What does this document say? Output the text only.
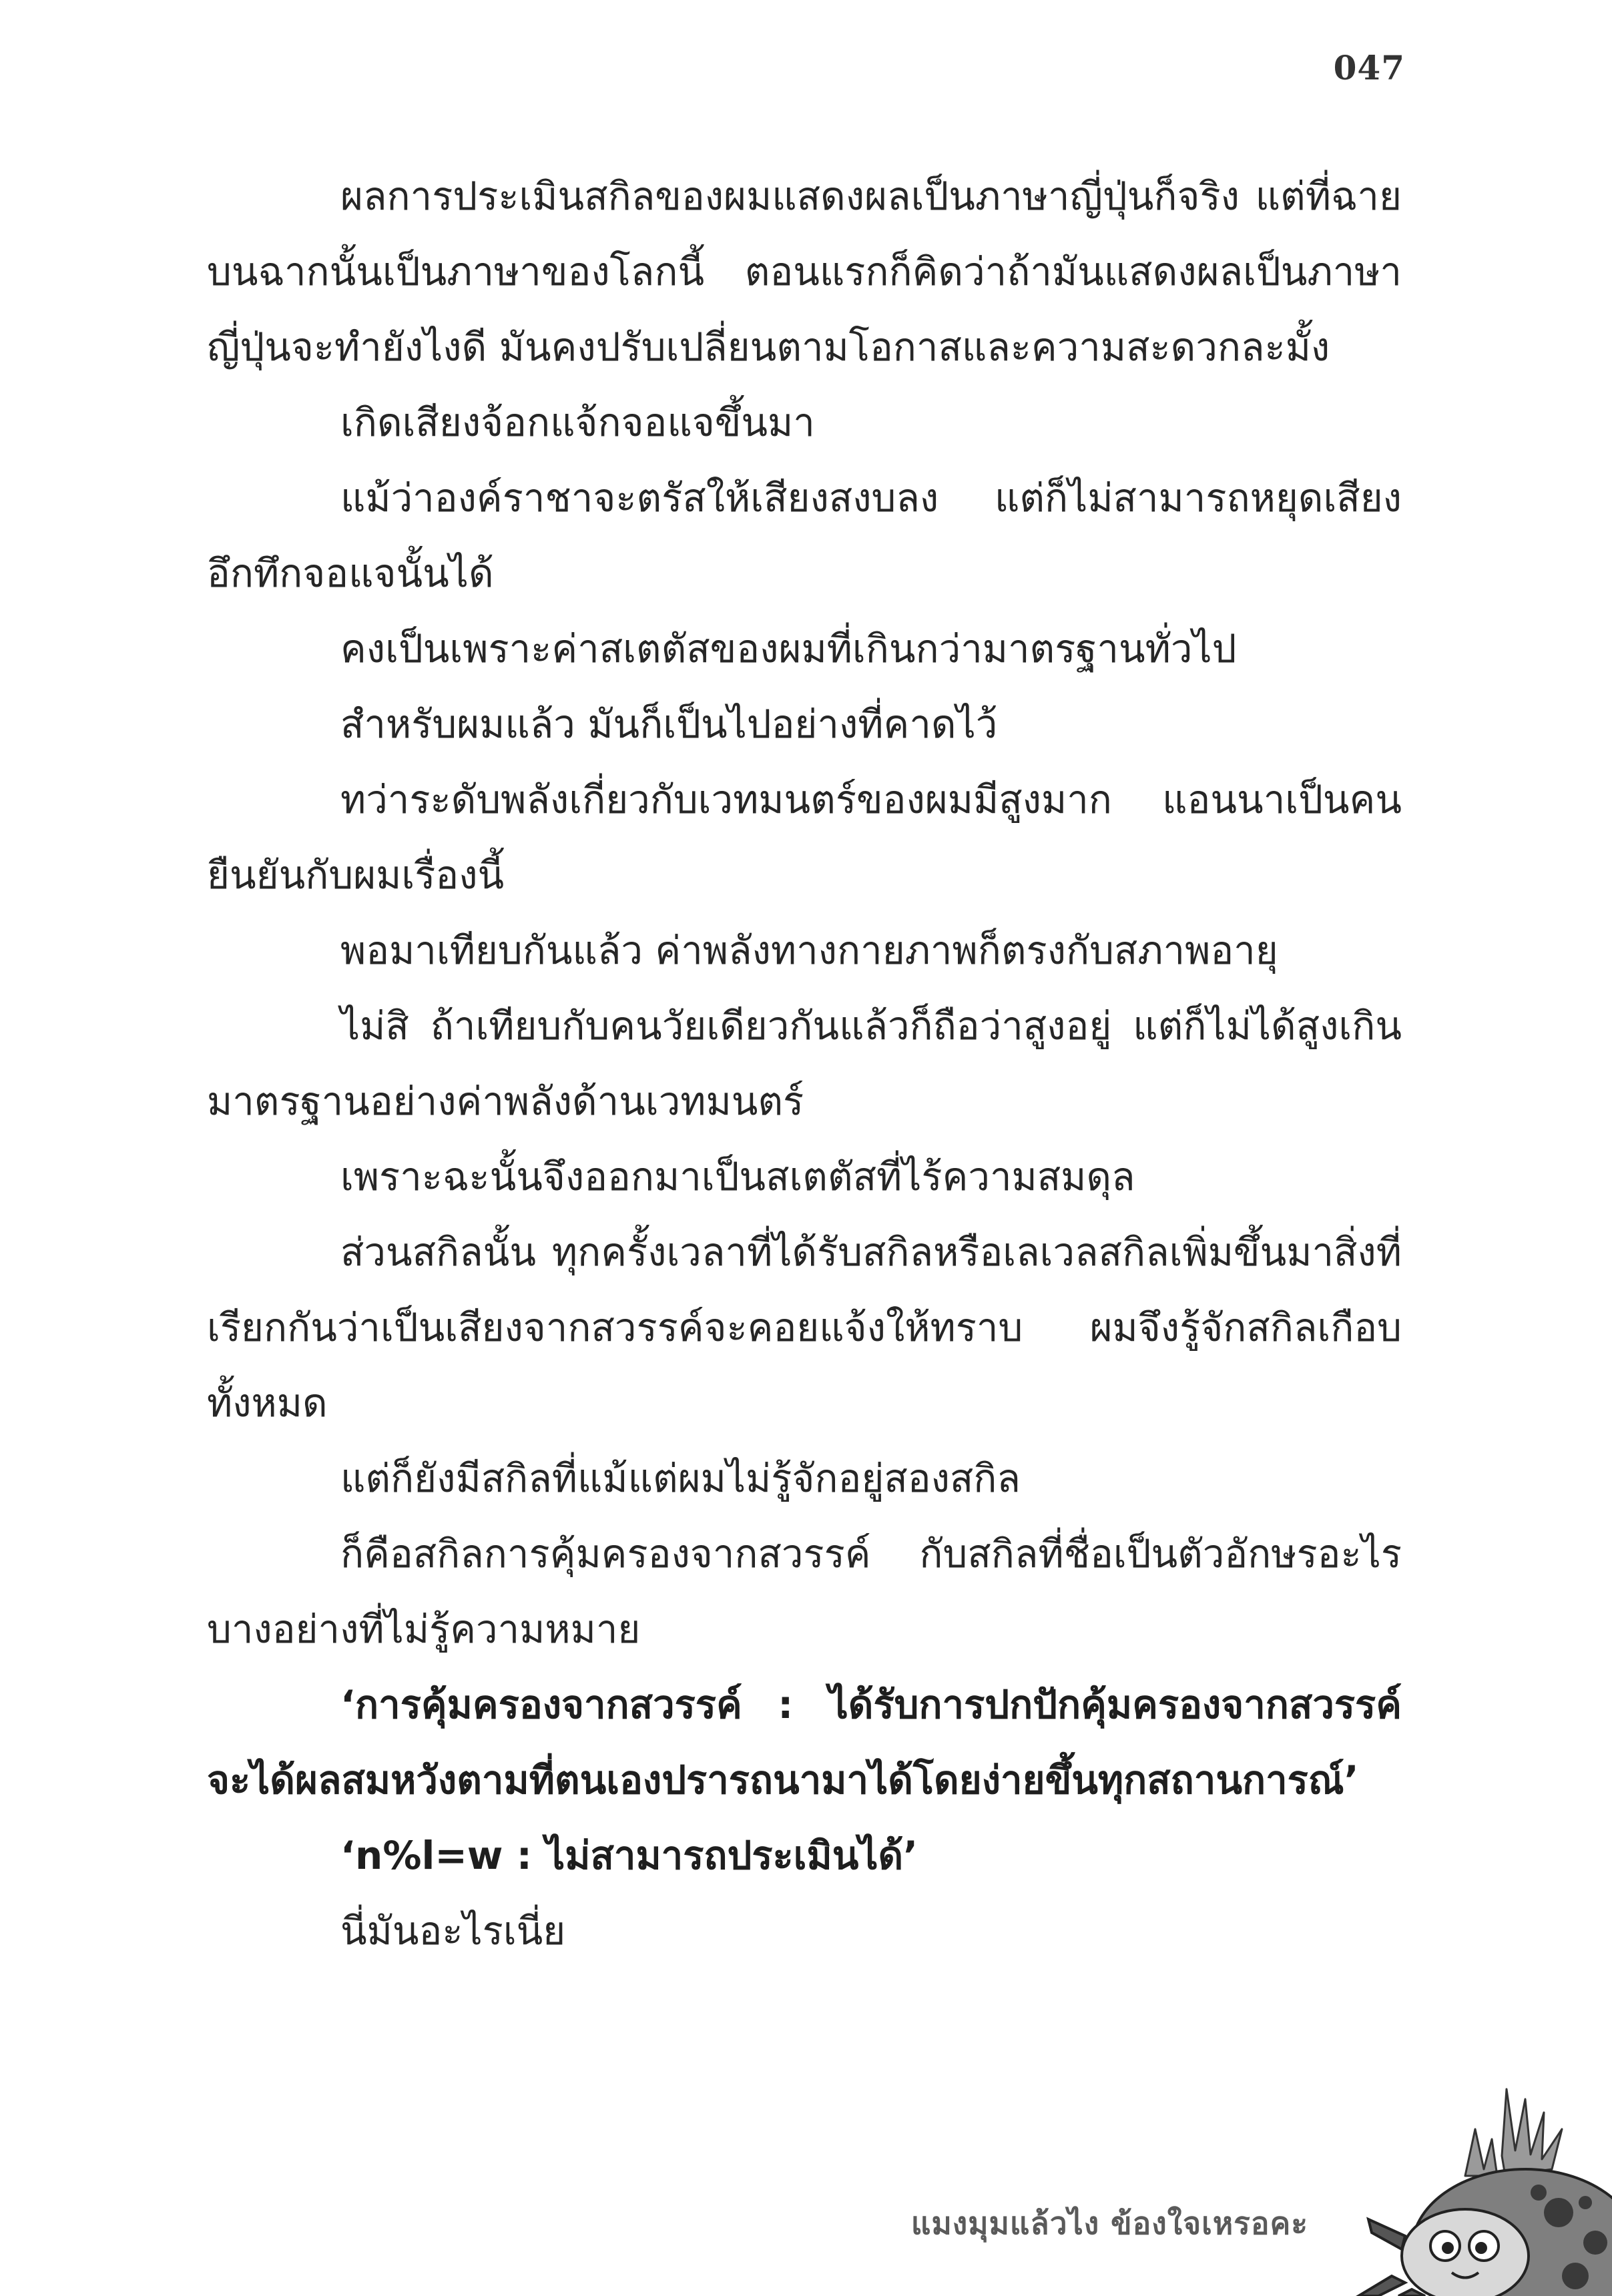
047

ผลการประเมินสกิลของผมแสดงผลเป็นภาษาญี่ปุ่นก็จริง แต่ที่ฉายบนฉากนั้นเป็นภาษาของโลกนี้ ตอนแรกก็คิดว่าถ้ามันแสดงผลเป็นภาษาญี่ปุ่นจะทำยังไงดี มันคงปรับเปลี่ยนตามโอกาสและความสะดวกละมั้ง

เกิดเสียงจ้อกแจ้กจอแจขึ้นมา

แม้ว่าองค์ราชาจะตรัสให้เสียงสงบลง แต่ก็ไม่สามารถหยุดเสียงอึกทึกจอแจนั้นได้

คงเป็นเพราะค่าสเตตัสของผมที่เกินกว่ามาตรฐานทั่วไป

สำหรับผมแล้ว มันก็เป็นไปอย่างที่คาดไว้

ทว่าระดับพลังเกี่ยวกับเวทมนตร์ของผมมีสูงมาก แอนนาเป็นคนยืนยันกับผมเรื่องนี้

พอมาเทียบกันแล้ว ค่าพลังทางกายภาพก็ตรงกับสภาพอายุ

ไม่สิ ถ้าเทียบกับคนวัยเดียวกันแล้วก็ถือว่าสูงอยู่ แต่ก็ไม่ได้สูงเกินมาตรฐานอย่างค่าพลังด้านเวทมนตร์

เพราะฉะนั้นจึงออกมาเป็นสเตตัสที่ไร้ความสมดุล

ส่วนสกิลนั้น ทุกครั้งเวลาที่ได้รับสกิลหรือเลเวลสกิลเพิ่มขึ้นมาสิ่งที่เรียกกันว่าเป็นเสียงจากสวรรค์จะคอยแจ้งให้ทราบ ผมจึงรู้จักสกิลเกือบทั้งหมด

แต่ก็ยังมีสกิลที่แม้แต่ผมไม่รู้จักอยู่สองสกิล

ก็คือสกิลการคุ้มครองจากสวรรค์ กับสกิลที่ชื่อเป็นตัวอักษรอะไรบางอย่างที่ไม่รู้ความหมาย

‘การคุ้มครองจากสวรรค์ : ได้รับการปกปักคุ้มครองจากสวรรค์ จะได้ผลสมหวังตามที่ตนเองปรารถนามาได้โดยง่ายขึ้นทุกสถานการณ์’

‘n%l=w : ไม่สามารถประเมินได้’

นี่มันอะไรเนี่ย

แมงมุมแล้วไง ข้องใจเหรอคะ
